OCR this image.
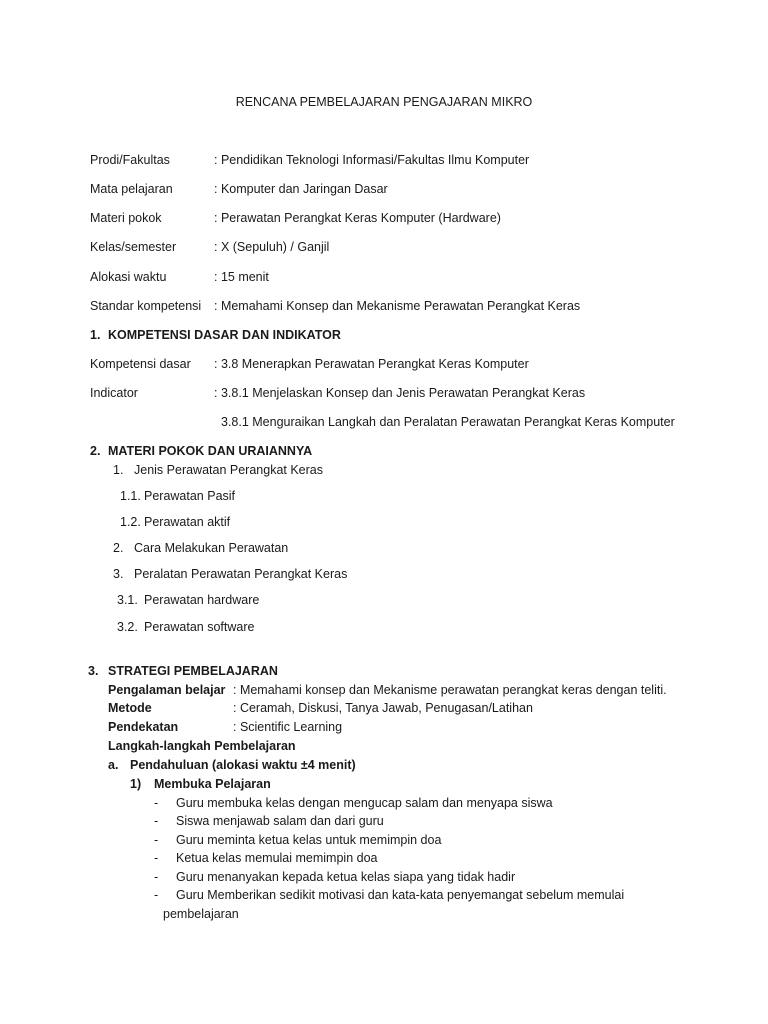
RENCANA PEMBELAJARAN PENGAJARAN MIKRO
Prodi/Fakultas	: Pendidikan Teknologi Informasi/Fakultas Ilmu Komputer
Mata pelajaran	: Komputer dan Jaringan Dasar
Materi pokok	: Perawatan Perangkat Keras Komputer (Hardware)
Kelas/semester	: X (Sepuluh) / Ganjil
Alokasi waktu	: 15 menit
Standar kompetensi : Memahami Konsep dan Mekanisme Perawatan Perangkat Keras
1. KOMPETENSI DASAR DAN INDIKATOR
Kompetensi dasar : 3.8 Menerapkan Perawatan Perangkat Keras Komputer
Indicator	: 3.8.1 Menjelaskan Konsep dan Jenis Perawatan Perangkat Keras
3.8.1 Menguraikan Langkah dan Peralatan Perawatan Perangkat Keras Komputer
2. MATERI POKOK DAN URAIANNYA
1. Jenis Perawatan Perangkat Keras
1.1. Perawatan Pasif
1.2. Perawatan aktif
2. Cara Melakukan Perawatan
3. Peralatan Perawatan Perangkat Keras
3.1. Perawatan hardware
3.2. Perawatan software
3. STRATEGI PEMBELAJARAN
Pengalaman belajar : Memahami konsep dan Mekanisme perawatan perangkat keras dengan teliti.
Metode	: Ceramah, Diskusi, Tanya Jawab, Penugasan/Latihan
Pendekatan	: Scientific Learning
Langkah-langkah Pembelajaran
a. Pendahuluan (alokasi waktu ±4 menit)
1) Membuka Pelajaran
- Guru membuka kelas dengan mengucap salam dan menyapa siswa
- Siswa menjawab salam dan dari guru
- Guru meminta ketua kelas untuk memimpin doa
- Ketua kelas memulai memimpin doa
- Guru menanyakan kepada ketua kelas siapa yang tidak hadir
- Guru Memberikan sedikit motivasi dan kata-kata penyemangat sebelum memulai
pembelajaran
